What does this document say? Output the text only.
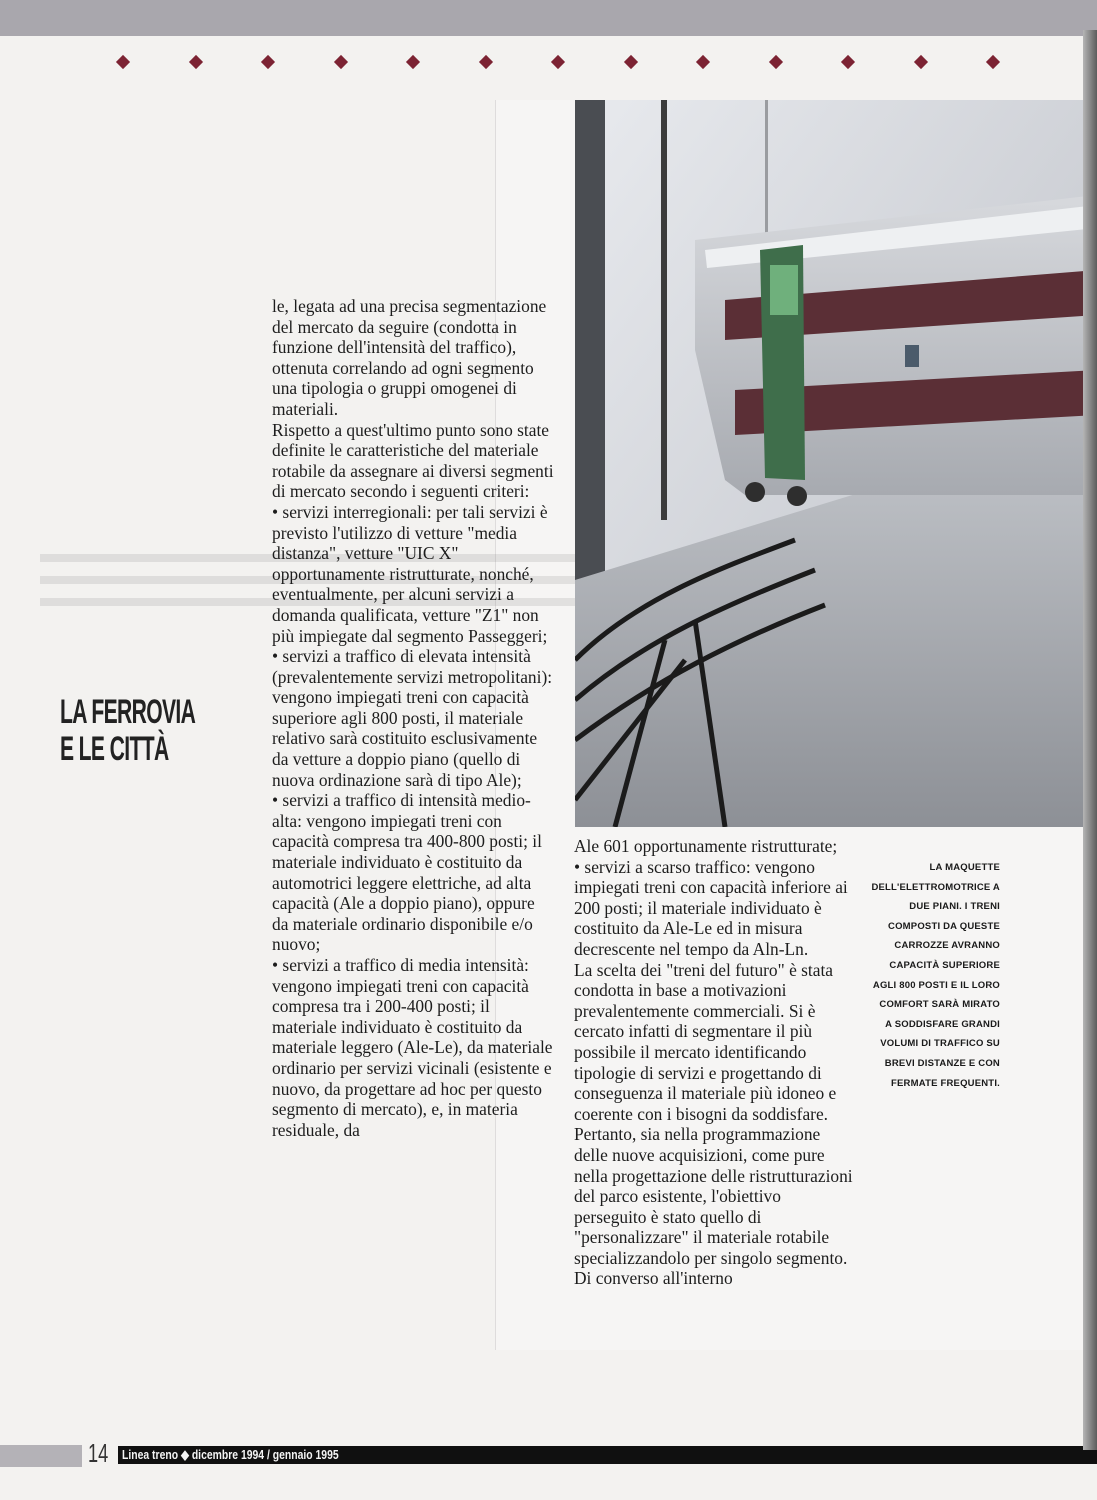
LA FERROVIA
E LE CITTÀ

le, legata ad una precisa segmentazione del mercato da seguire (condotta in funzione dell'intensità del traffico), ottenuta correlando ad ogni segmento una tipologia o gruppi omogenei di materiali.

Rispetto a quest'ultimo punto sono state definite le caratteristiche del materiale rotabile da assegnare ai diversi segmenti di mercato secondo i seguenti criteri:

• servizi interregionali: per tali servizi è previsto l'utilizzo di vetture "media distanza", vetture "UIC X" opportunamente ristrutturate, nonché, eventualmente, per alcuni servizi a domanda qualificata, vetture "Z1" non più impiegate dal segmento Passeggeri;

• servizi a traffico di elevata intensità (prevalentemente servizi metropolitani): vengono impiegati treni con capacità superiore agli 800 posti, il materiale relativo sarà costituito esclusivamente da vetture a doppio piano (quello di nuova ordinazione sarà di tipo Ale);

• servizi a traffico di intensità medio-alta: vengono impiegati treni con capacità compresa tra 400-800 posti; il materiale individuato è costituito da automotrici leggere elettriche, ad alta capacità (Ale a doppio piano), oppure da materiale ordinario disponibile e/o nuovo;

• servizi a traffico di media intensità: vengono impiegati treni con capacità compresa tra i 200-400 posti; il materiale individuato è costituito da materiale leggero (Ale-Le), da materiale ordinario per servizi vicinali (esistente e nuovo, da progettare ad hoc per questo segmento di mercato), e, in materia residuale, da

Ale 601 opportunamente ristrutturate;

• servizi a scarso traffico: vengono impiegati treni con capacità inferiore ai 200 posti; il materiale individuato è costituito da Ale-Le ed in misura decrescente nel tempo da Aln-Ln.

La scelta dei "treni del futuro" è stata condotta in base a motivazioni prevalentemente commerciali. Si è cercato infatti di segmentare il più possibile il mercato identificando tipologie di servizi e progettando di conseguenza il materiale più idoneo e coerente con i bisogni da soddisfare. Pertanto, sia nella programmazione delle nuove acquisizioni, come pure nella progettazione delle ristrutturazioni del parco esistente, l'obiettivo perseguito è stato quello di "personalizzare" il materiale rotabile specializzandolo per singolo segmento. Di converso all'interno

LA MAQUETTE DELL'ELETTROMOTRICE A DUE PIANI. I TRENI COMPOSTI DA QUESTE CARROZZE AVRANNO CAPACITÀ SUPERIORE AGLI 800 POSTI E IL LORO COMFORT SARÀ MIRATO A SODDISFARE GRANDI VOLUMI DI TRAFFICO SU BREVI DISTANZE E CON FERMATE FREQUENTI.
14 Linea treno ◆ dicembre 1994 / gennaio 1995
